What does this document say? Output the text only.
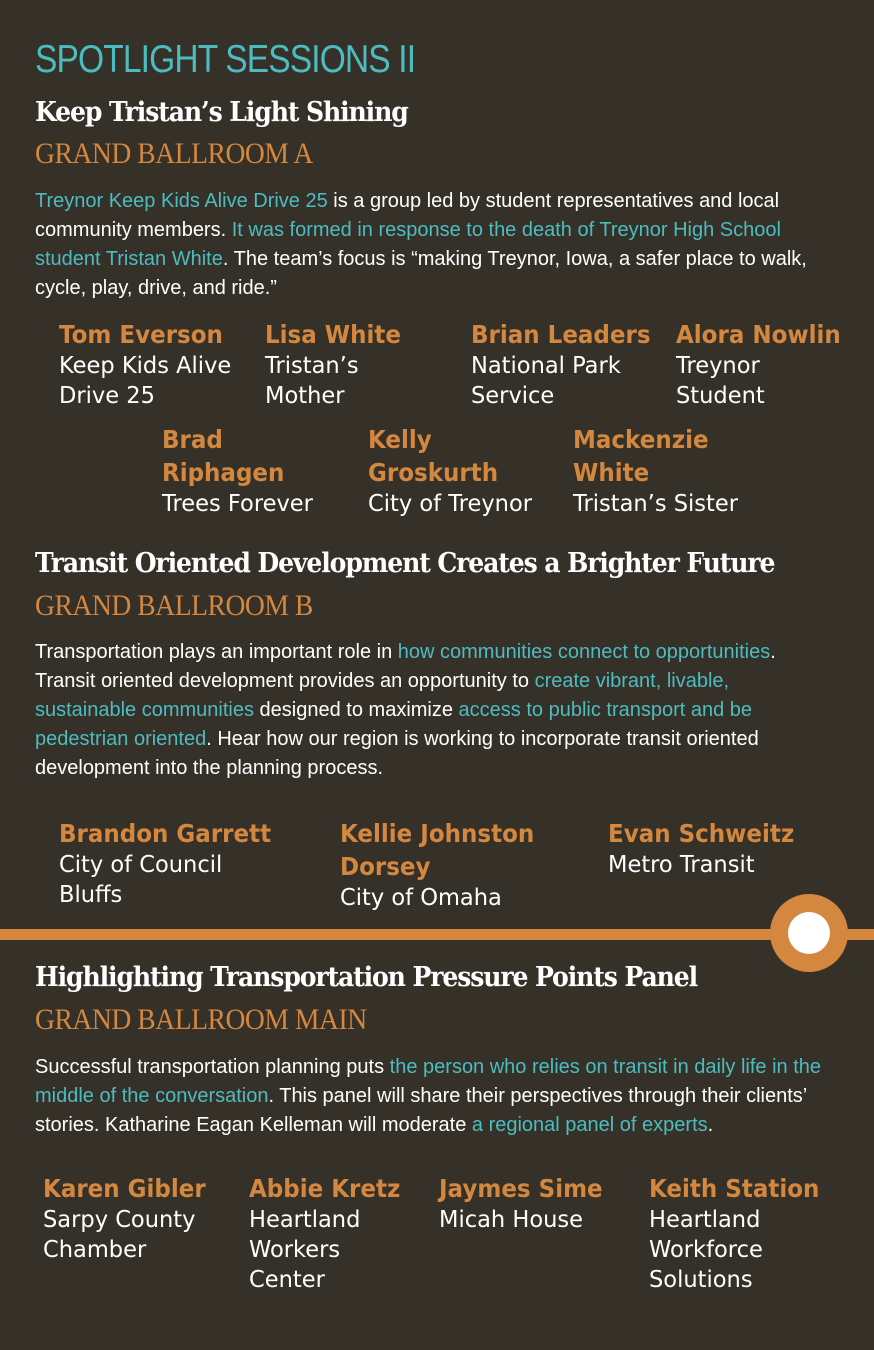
SPOTLIGHT SESSIONS II
Keep Tristan’s Light Shining
GRAND BALLROOM A

Treynor Keep Kids Alive Drive 25 is a group led by student representatives and local community members. It was formed in response to the death of Treynor High School student Tristan White. The team’s focus is “making Treynor, Iowa, a safer place to walk, cycle, play, drive, and ride.”

Tom Everson
Keep Kids Alive
Drive 25
Lisa White
Tristan’s
Mother
Brian Leaders
National Park
Service
Alora Nowlin
Treynor
Student
Brad
Riphagen
Trees Forever
Kelly
Groskurth
City of Treynor
Mackenzie
White
Tristan’s Sister
Transit Oriented Development Creates a Brighter Future
GRAND BALLROOM B

Transportation plays an important role in how communities connect to opportunities. Transit oriented development provides an opportunity to create vibrant, livable, sustainable communities designed to maximize access to public transport and be pedestrian oriented. Hear how our region is working to incorporate transit oriented development into the planning process.

Brandon Garrett
City of Council
Bluffs
Kellie Johnston
Dorsey
City of Omaha
Evan Schweitz
Metro Transit
Highlighting Transportation Pressure Points Panel
GRAND BALLROOM MAIN

Successful transportation planning puts the person who relies on transit in daily life in the middle of the conversation. This panel will share their perspectives through their clients’ stories. Katharine Eagan Kelleman will moderate a regional panel of experts.

Karen Gibler
Sarpy County
Chamber
Abbie Kretz
Heartland
Workers
Center
Jaymes Sime
Micah House
Keith Station
Heartland
Workforce
Solutions
